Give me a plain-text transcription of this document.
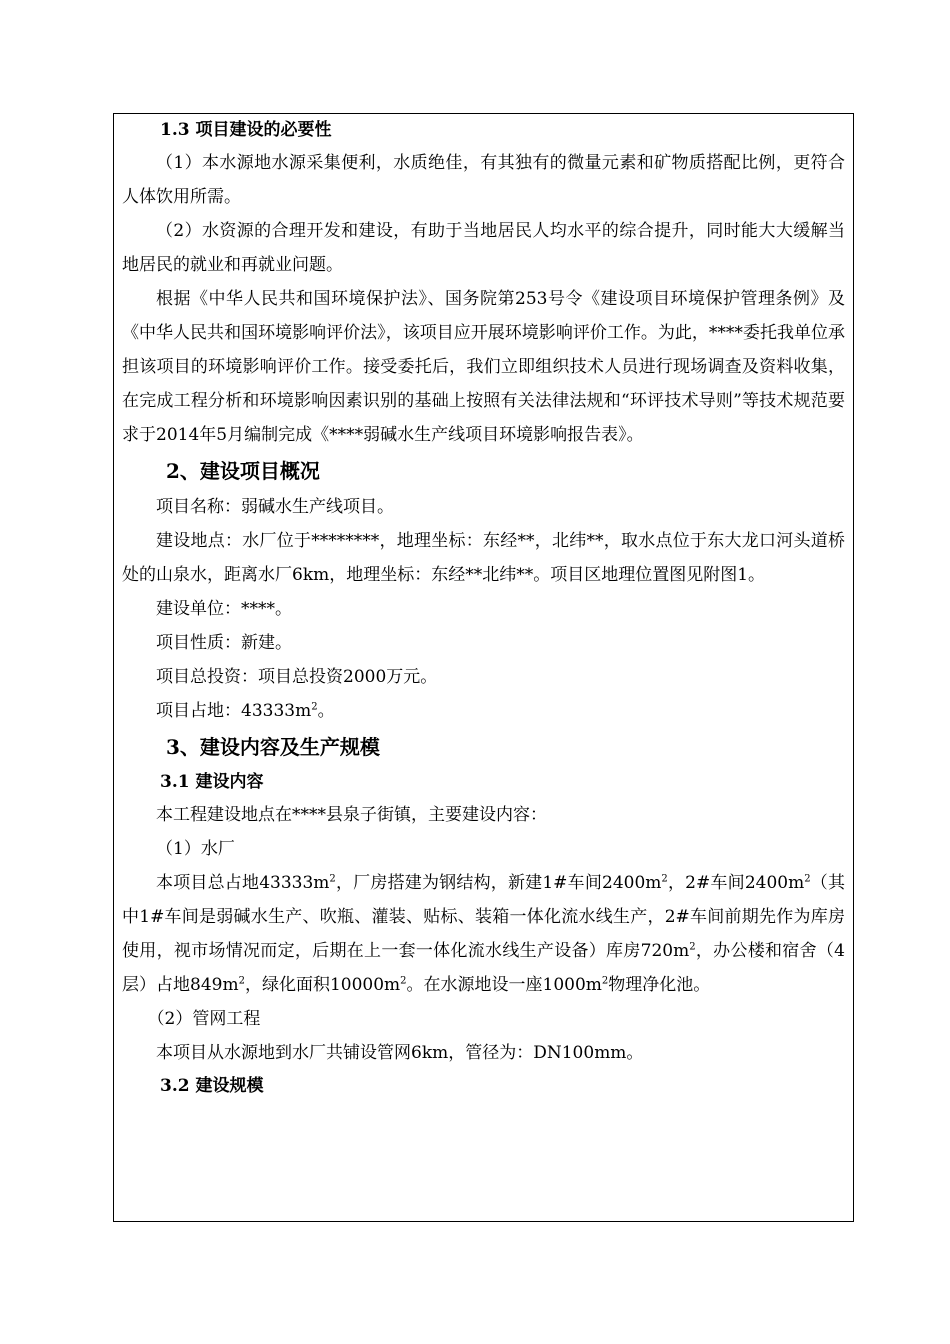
1.3 项目建设的必要性
（1）本水源地水源采集便利，水质绝佳，有其独有的微量元素和矿物质搭配比例，更符合人体饮用所需。
（2）水资源的合理开发和建设，有助于当地居民人均水平的综合提升，同时能大大缓解当地居民的就业和再就业问题。
根据《中华人民共和国环境保护法》、国务院第253号令《建设项目环境保护管理条例》及《中华人民共和国环境影响评价法》，该项目应开展环境影响评价工作。为此，****委托我单位承担该项目的环境影响评价工作。接受委托后，我们立即组织技术人员进行现场调查及资料收集，在完成工程分析和环境影响因素识别的基础上按照有关法律法规和“环评技术导则”等技术规范要求于2014年5月编制完成《****弱碱水生产线项目环境影响报告表》。
2、建设项目概况
项目名称：弱碱水生产线项目。
建设地点：水厂位于********，地理坐标：东经**，北纬**，取水点位于东大龙口河头道桥处的山泉水，距离水厂6km，地理坐标：东经**北纬**。项目区地理位置图见附图1。
建设单位：****。
项目性质：新建。
项目总投资：项目总投资2000万元。
项目占地：$43333m^2$。
3、建设内容及生产规模
3.1 建设内容
本工程建设地点在****县泉子街镇，主要建设内容：
（1）水厂
本项目总占地$43333m^2$，厂房搭建为钢结构，新建1#车间$2400m^2$，2#车间$2400m^2$（其中1#车间是弱碱水生产、吹瓶、灌装、贴标、装箱一体化流水线生产，2#车间前期先作为库房使用，视市场情况而定，后期在上一套一体化流水线生产设备）库房$720m^2$，办公楼和宿舍（4层）占地$849m^2$，绿化面积$10000m^2$。在水源地设一座$1000m^2$物理净化池。
（2）管网工程
本项目从水源地到水厂共铺设管网6km，管径为：DN100mm。
3.2 建设规模
